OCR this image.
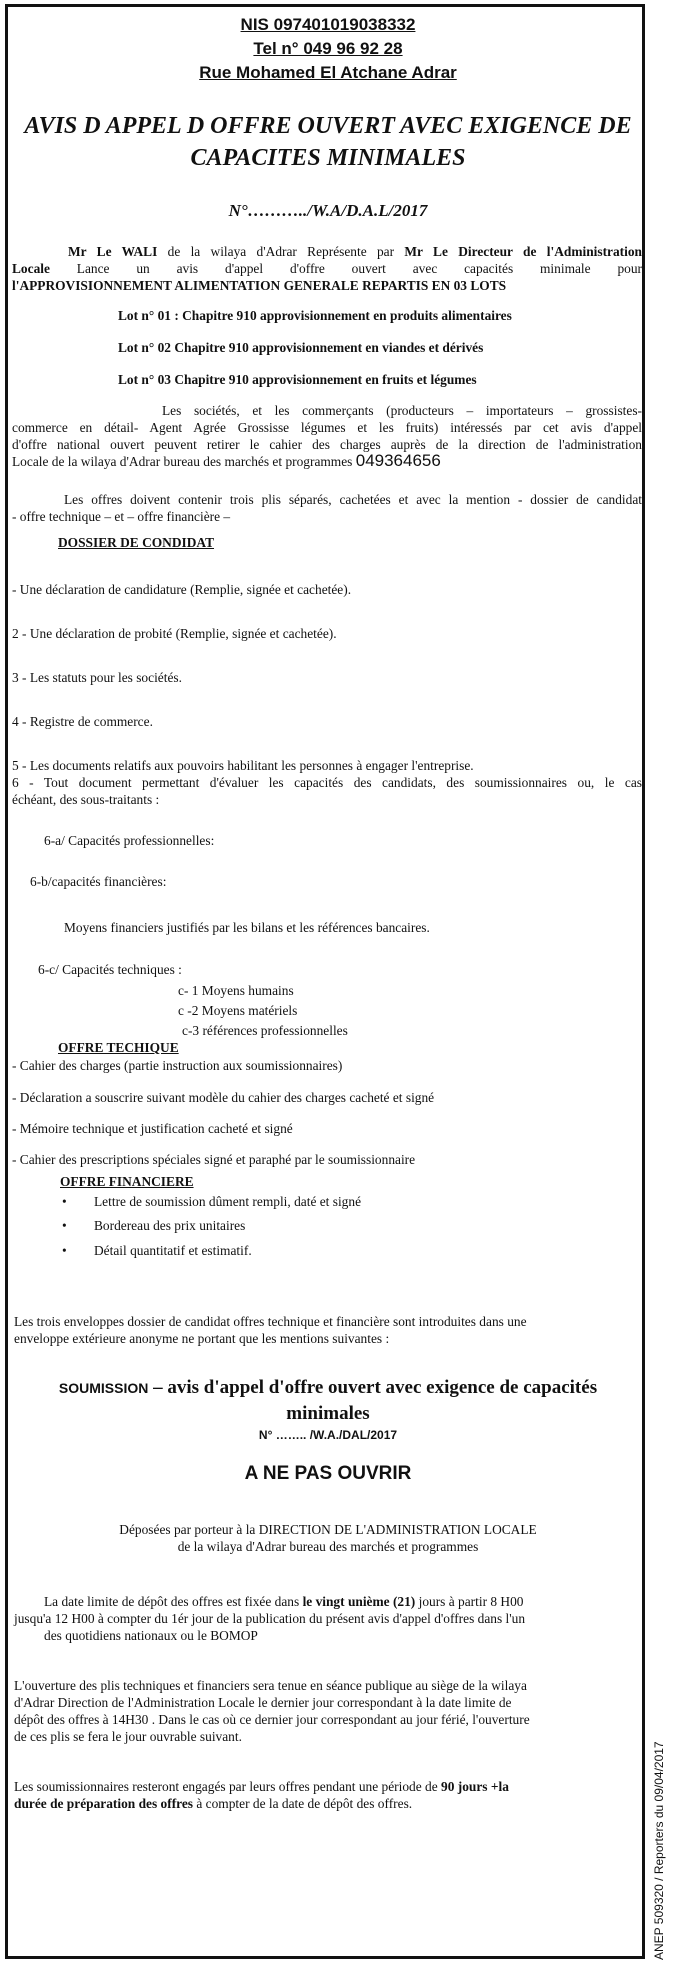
NIS 097401019038332
Tel n° 049 96 92 28
Rue Mohamed El Atchane Adrar
AVIS D APPEL D OFFRE OUVERT AVEC EXIGENCE DE
CAPACITES MINIMALES
N°………../W.A/D.A.L/2017
Mr Le WALI de la wilaya d'Adrar Représente par Mr Le Directeur de l'Administration
Locale Lance un avis d'appel d'offre ouvert avec capacités minimale pour
l'APPROVISIONNEMENT ALIMENTATION GENERALE REPARTIS EN 03 LOTS
Lot n° 01 : Chapitre 910 approvisionnement en produits alimentaires
Lot n° 02 Chapitre 910 approvisionnement en viandes et dérivés
Lot n° 03 Chapitre 910 approvisionnement en fruits et légumes
Les sociétés, et les commerçants (producteurs – importateurs – grossistes-
commerce en détail- Agent Agrée Grossisse légumes et les fruits) intéressés par cet avis d'appel
d'offre national ouvert peuvent retirer le cahier des charges auprès de la direction de l'administration
Locale de la wilaya d'Adrar bureau des marchés et programmes 049364656
Les offres doivent contenir trois plis séparés, cachetées et avec la mention - dossier de candidat
- offre technique – et – offre financière –
DOSSIER DE CONDIDAT
- Une déclaration de candidature (Remplie, signée et cachetée).
2 - Une déclaration de probité (Remplie, signée et cachetée).
3 - Les statuts pour les sociétés.
4 - Registre de commerce.
5 - Les documents relatifs aux pouvoirs habilitant les personnes à engager l'entreprise.
6 - Tout document permettant d'évaluer les capacités des candidats, des soumissionnaires ou, le cas
échéant, des sous-traitants :
6-a/ Capacités professionnelles:
6-b/capacités financières:
Moyens financiers justifiés par les bilans et les références bancaires.
6-c/ Capacités techniques :
c- 1 Moyens humains
c -2 Moyens matériels
c-3 références professionnelles
OFFRE TECHIQUE
- Cahier des charges (partie instruction aux soumissionnaires)
- Déclaration a souscrire suivant modèle du cahier des charges cacheté et signé
- Mémoire technique et justification cacheté et signé
- Cahier des prescriptions spéciales signé et paraphé par le soumissionnaire
OFFRE FINANCIERE
• Lettre de soumission dûment rempli, daté et signé
• Bordereau des prix unitaires
• Détail quantitatif et estimatif.
Les trois enveloppes dossier de candidat offres technique et financière sont introduites dans une
enveloppe extérieure anonyme ne portant que les mentions suivantes :
SOUMISSION – avis d'appel d'offre ouvert avec exigence de capacités
minimales
N° …….. /W.A./DAL/2017
A NE PAS OUVRIR
Déposées par porteur à la DIRECTION DE L'ADMINISTRATION LOCALE
de la wilaya d'Adrar bureau des marchés et programmes
La date limite de dépôt des offres est fixée dans le vingt unième (21) jours à partir 8 H00
jusqu'a 12 H00 à compter du 1ér jour de la publication du présent avis d'appel d'offres dans l'un
des quotidiens nationaux ou le BOMOP
L'ouverture des plis techniques et financiers sera tenue en séance publique au siège de la wilaya
d'Adrar Direction de l'Administration Locale le dernier jour correspondant à la date limite de
dépôt des offres à 14H30 . Dans le cas où ce dernier jour correspondant au jour férié, l'ouverture
de ces plis se fera le jour ouvrable suivant.
Les soumissionnaires resteront engagés par leurs offres pendant une période de 90 jours +la
durée de préparation des offres à compter de la date de dépôt des offres.	ANEP 509320 / Reporters du 09/04/2017
